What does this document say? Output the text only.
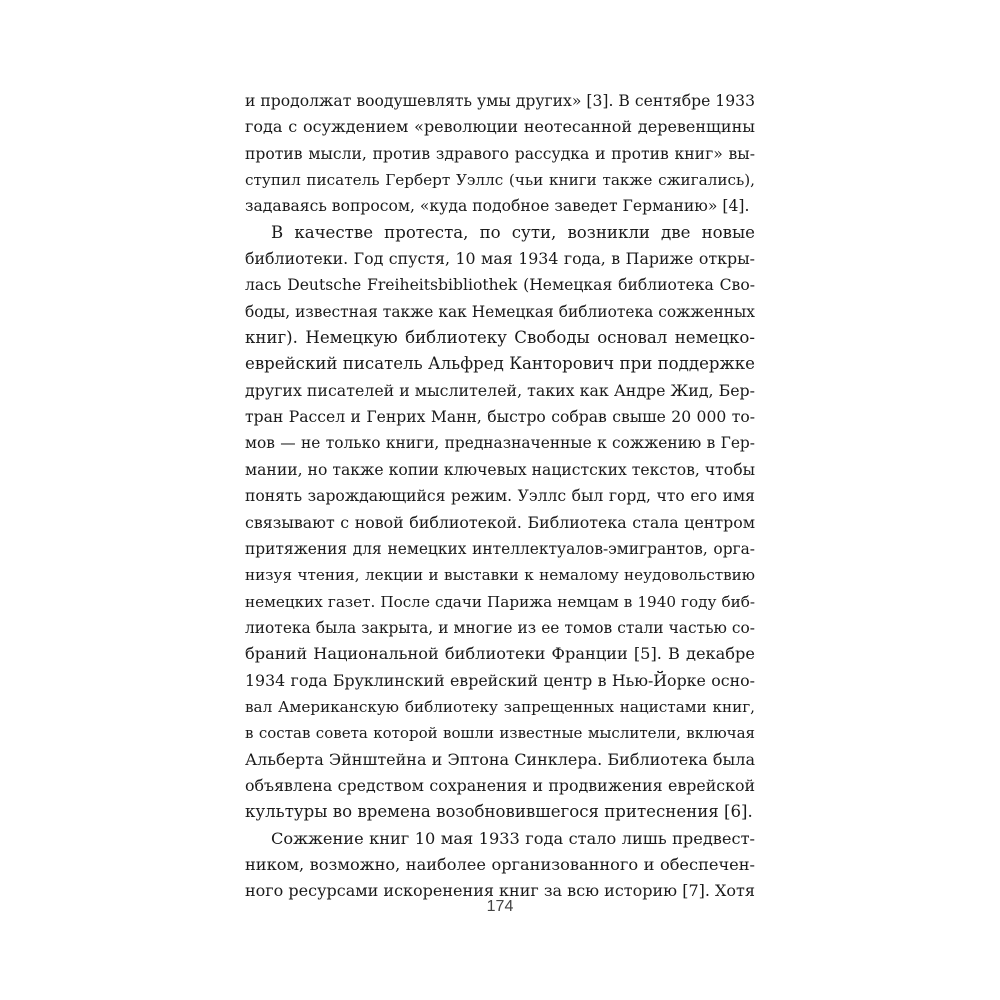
и продолжат воодушевлять умы других» [3]. В сентябре 1933
года с осуждением «революции неотесанной деревенщины
против мысли, против здравого рассудка и против книг» вы-
ступил писатель Герберт Уэллс (чьи книги также сжигались),
задаваясь вопросом, «куда подобное заведет Германию» [4].
В качестве протеста, по сути, возникли две новые
библиотеки. Год спустя, 10 мая 1934 года, в Париже откры-
лась Deutsche Freiheitsbibliothek (Немецкая библиотека Сво-
боды, известная также как Немецкая библиотека сожженных
книг). Немецкую библиотеку Свободы основал немецко-
еврейский писатель Альфред Канторович при поддержке
других писателей и мыслителей, таких как Андре Жид, Бер-
тран Рассел и Генрих Манн, быстро собрав свыше 20 000 то-
мов — не только книги, предназначенные к сожжению в Гер-
мании, но также копии ключевых нацистских текстов, чтобы
понять зарождающийся режим. Уэллс был горд, что его имя
связывают с новой библиотекой. Библиотека стала центром
притяжения для немецких интеллектуалов-эмигрантов, орга-
низуя чтения, лекции и выставки к немалому неудовольствию
немецких газет. После сдачи Парижа немцам в 1940 году биб-
лиотека была закрыта, и многие из ее томов стали частью со-
браний Национальной библиотеки Франции [5]. В декабре
1934 года Бруклинский еврейский центр в Нью-Йорке осно-
вал Американскую библиотеку запрещенных нацистами книг,
в состав совета которой вошли известные мыслители, включая
Альберта Эйнштейна и Эптона Синклера. Библиотека была
объявлена средством сохранения и продвижения еврейской
культуры во времена возобновившегося притеснения [6].
Сожжение книг 10 мая 1933 года стало лишь предвест-
ником, возможно, наиболее организованного и обеспечен-
ного ресурсами искоренения книг за всю историю [7]. Хотя
174
